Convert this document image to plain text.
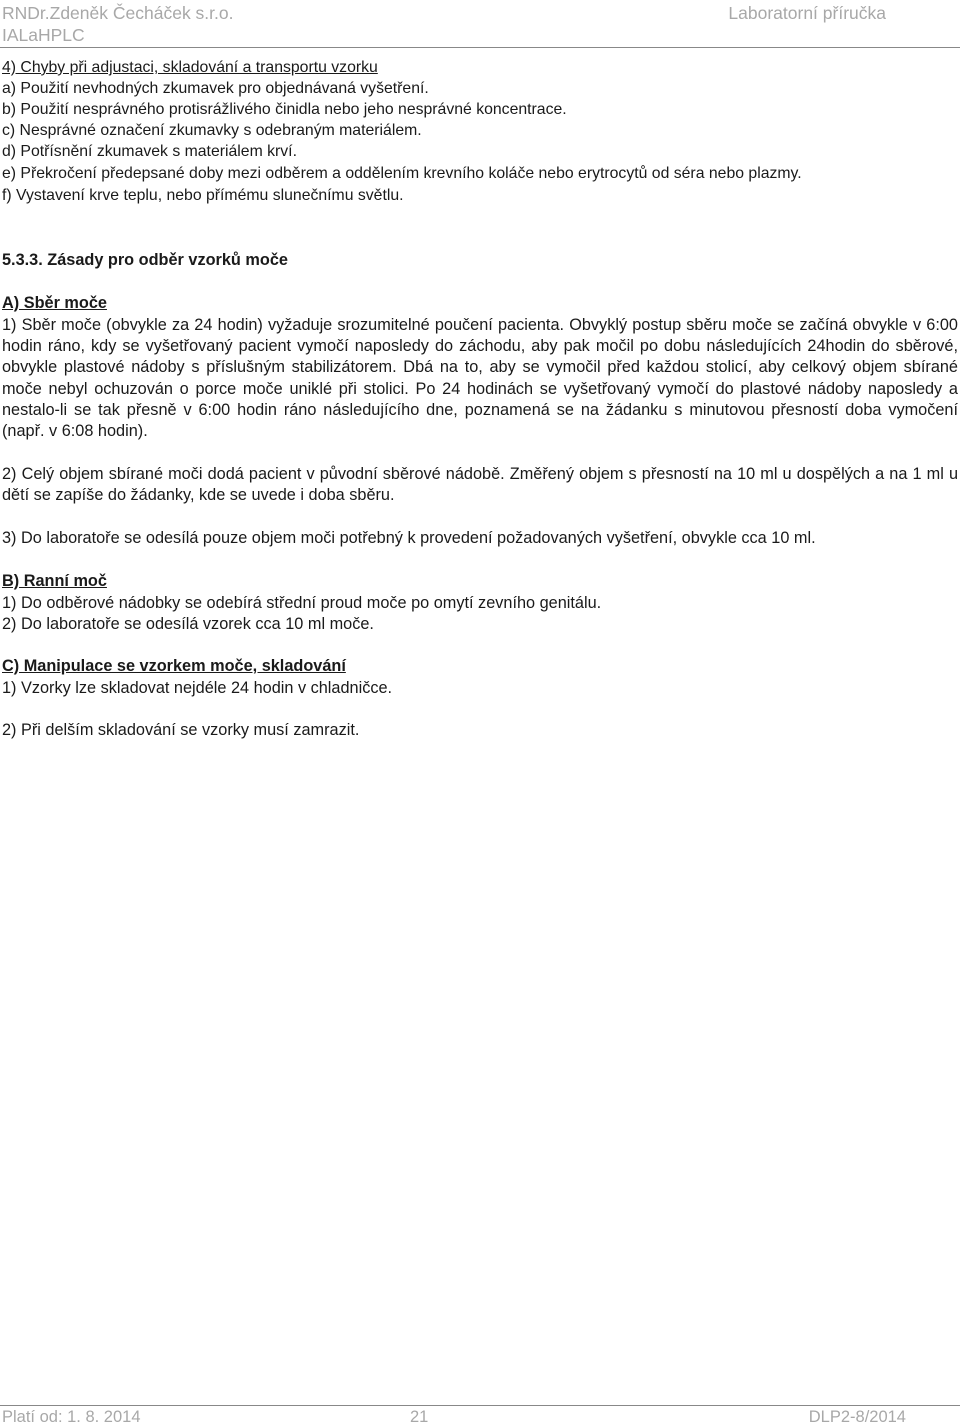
RNDr.Zdeněk Čecháček s.r.o.
IALaHPLC
Laboratorní příručka
4) Chyby při adjustaci, skladování a transportu vzorku
a) Použití nevhodných zkumavek pro objednávaná vyšetření.
b) Použití nesprávného protisrážlivého činidla nebo jeho nesprávné koncentrace.
c) Nesprávné označení zkumavky s odebraným materiálem.
d) Potřísnění zkumavek s materiálem krví.
e) Překročení předepsané doby mezi odběrem a oddělením krevního koláče nebo erytrocytů od séra nebo plazmy.
f) Vystavení krve teplu, nebo přímému slunečnímu světlu.
5.3.3. Zásady pro odběr vzorků moče
A) Sběr moče

1) Sběr moče (obvykle za 24 hodin) vyžaduje srozumitelné poučení pacienta. Obvyklý postup sběru moče se začíná obvykle v 6:00 hodin ráno, kdy se vyšetřovaný pacient vymočí naposledy do záchodu, aby pak močil po dobu následujících 24hodin do sběrové, obvykle plastové nádoby s příslušným stabilizátorem. Dbá na to, aby se vymočil před každou stolicí, aby celkový objem sbírané moče nebyl ochuzován o porce moče uniklé při stolici. Po 24 hodinách se vyšetřovaný vymočí do plastové nádoby naposledy a nestalo-li se tak přesně v 6:00 hodin ráno následujícího dne, poznamená se na žádanku s minutovou přesností doba vymočení (např. v 6:08 hodin).

2) Celý objem sbírané moči dodá pacient v původní sběrové nádobě. Změřený objem s přesností na 10 ml u dospělých a na 1 ml u dětí se zapíše do žádanky, kde se uvede i doba sběru.

3) Do laboratoře se odesílá pouze objem moči potřebný k provedení požadovaných vyšetření, obvykle cca 10 ml.

B) Ranní moč
1) Do odběrové nádobky se odebírá střední proud moče po omytí zevního genitálu.
2) Do laboratoře se odesílá vzorek cca 10 ml moče.
C) Manipulace se vzorkem moče, skladování
1) Vzorky lze skladovat nejdéle 24 hodin v chladničce.
2) Při delším skladování se vzorky musí zamrazit.
Platí od: 1. 8. 2014	21	DLP2-8/2014
